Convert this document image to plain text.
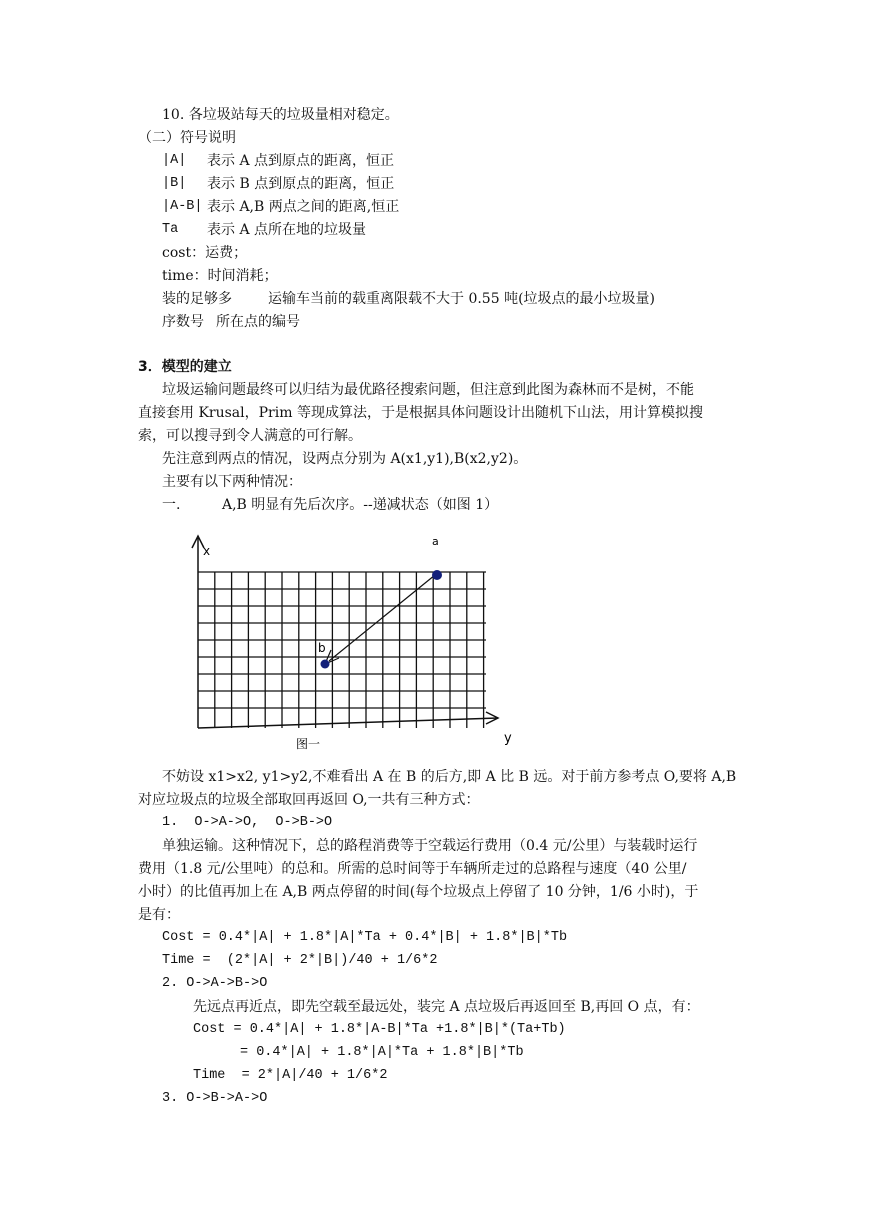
10. 各垃圾站每天的垃圾量相对稳定。
（二）符号说明
|A| 表示 A 点到原点的距离，恒正
|B| 表示 B 点到原点的距离，恒正
|A-B| 表示 A,B 两点之间的距离,恒正
Ta 表示 A 点所在地的垃圾量
cost：运费；
time：时间消耗；
装的足够多	运输车当前的载重离限载不大于 0.55 吨(垃圾点的最小垃圾量)
序数号 所在点的编号
3．模型的建立
垃圾运输问题最终可以归结为最优路径搜索问题，但注意到此图为森林而不是树，不能
直接套用 Krusal，Prim 等现成算法，于是根据具体问题设计出随机下山法，用计算模拟搜
索，可以搜寻到令人满意的可行解。
先注意到两点的情况，设两点分别为 A(x1,y1),B(x2,y2)。
主要有以下两种情况：
一.	A,B 明显有先后次序。--递减状态（如图 1）
x
y
a
b
图一
不妨设 x1>x2, y1>y2,不难看出 A 在 B 的后方,即 A 比 B 远。对于前方参考点 O,要将 A,B
对应垃圾点的垃圾全部取回再返回 O,一共有三种方式：
1.  O->A->O,  O->B->O
单独运输。这种情况下，总的路程消费等于空载运行费用（0.4 元/公里）与装载时运行
费用（1.8 元/公里吨）的总和。所需的总时间等于车辆所走过的总路程与速度（40 公里/
小时）的比值再加上在 A,B 两点停留的时间(每个垃圾点上停留了 10 分钟，1/6 小时)，于
是有：
Cost = 0.4*|A| + 1.8*|A|*Ta + 0.4*|B| + 1.8*|B|*Tb
Time =  (2*|A| + 2*|B|)/40 + 1/6*2
2. O->A->B->O
先远点再近点，即先空载至最远处，装完 A 点垃圾后再返回至 B,再回 O 点，有：
Cost = 0.4*|A| + 1.8*|A-B|*Ta +1.8*|B|*(Ta+Tb)
= 0.4*|A| + 1.8*|A|*Ta + 1.8*|B|*Tb
Time  = 2*|A|/40 + 1/6*2
3. O->B->A->O
